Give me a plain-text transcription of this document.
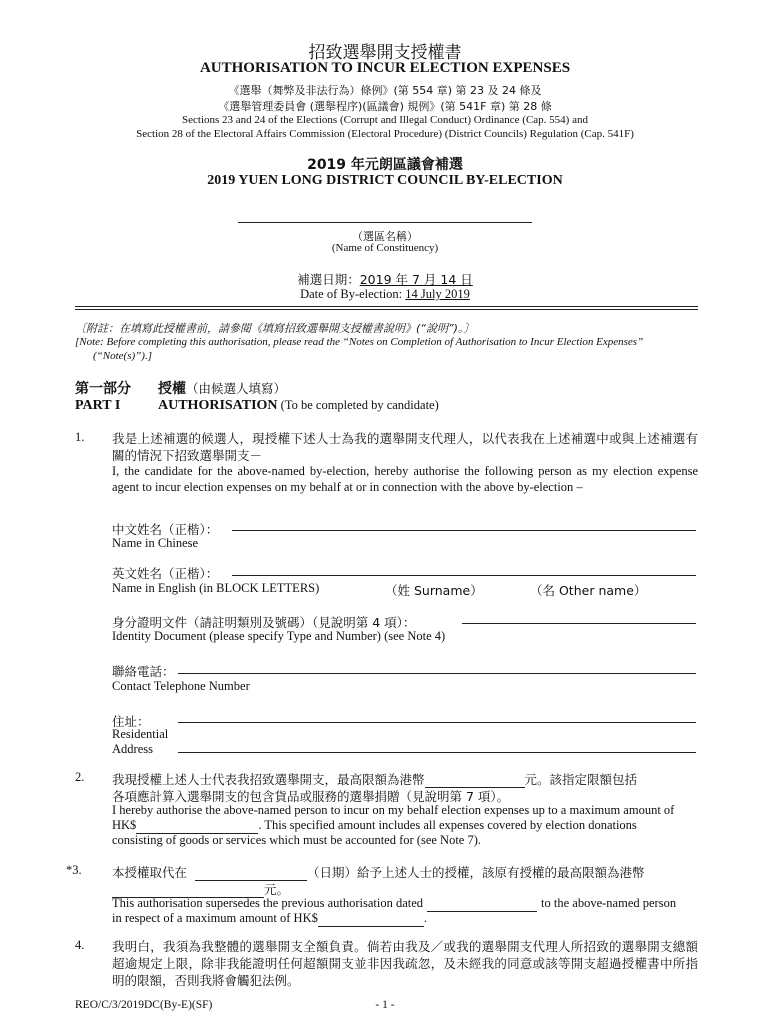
招致選舉開支授權書
AUTHORISATION TO INCUR ELECTION EXPENSES
《選舉（舞弊及非法行為）條例》(第 554 章) 第 23 及 24 條及
《選舉管理委員會 (選舉程序)(區議會) 規例》(第 541F 章) 第 28 條
Sections 23 and 24 of the Elections (Corrupt and Illegal Conduct) Ordinance (Cap. 554) and
Section 28 of the Electoral Affairs Commission (Electoral Procedure) (District Councils) Regulation (Cap. 541F)
2019 年元朗區議會補選
2019 YUEN LONG DISTRICT COUNCIL BY-ELECTION
（選區名稱）
(Name of Constituency)
補選日期：2019 年 7 月 14 日
Date of By-election: 14 July 2019
〔附註：在填寫此授權書前，請參閱《填寫招致選舉開支授權書說明》(“說明”)。〕
[Note: Before completing this authorisation, please read the “Notes on Completion of Authorisation to Incur Election Expenses”
(“Note(s)”).]
第一部分 授權（由候選人填寫）
PART I	AUTHORISATION (To be completed by candidate)
1. 我是上述補選的候選人，現授權下述人士為我的選舉開支代理人，以代表我在上述補選中或與上述補選有關的情況下招致選舉開支－
I, the candidate for the above-named by-election, hereby authorise the following person as my election expense agent to incur election expenses on my behalf at or in connection with the above by-election –
中文姓名（正楷）：
Name in Chinese
英文姓名（正楷）：
Name in English (in BLOCK LETTERS)	（姓 Surname）	（名 Other name）
身分證明文件（請註明類別及號碼）（見說明第 4 項）：
Identity Document (please specify Type and Number) (see Note 4)
聯絡電話：
Contact Telephone Number
住址：
Residential
Address
2. 我現授權上述人士代表我招致選舉開支，最高限額為港幣	元。該指定限額包括
各項應計算入選舉開支的包含貨品或服務的選舉捐贈（見說明第 7 項）。
I hereby authorise the above-named person to incur on my behalf election expenses up to a maximum amount of
HK$	. This specified amount includes all expenses covered by election donations
consisting of goods or services which must be accounted for (see Note 7).
*3. 本授權取代在	（日期）給予上述人士的授權，該原有授權的最高限額為港幣
元。
This authorisation supersedes the previous authorisation dated	to the above-named person
in respect of a maximum amount of HK$	.
4. 我明白，我須為我整體的選舉開支全額負責。倘若由我及／或我的選舉開支代理人所招致的選舉開支總額超逾規定上限，除非我能證明任何超額開支並非因我疏忽，及未經我的同意或該等開支超過授權書中所指明的限額，否則我將會觸犯法例。
REO/C/3/2019DC(By-E)(SF)	- 1 -
